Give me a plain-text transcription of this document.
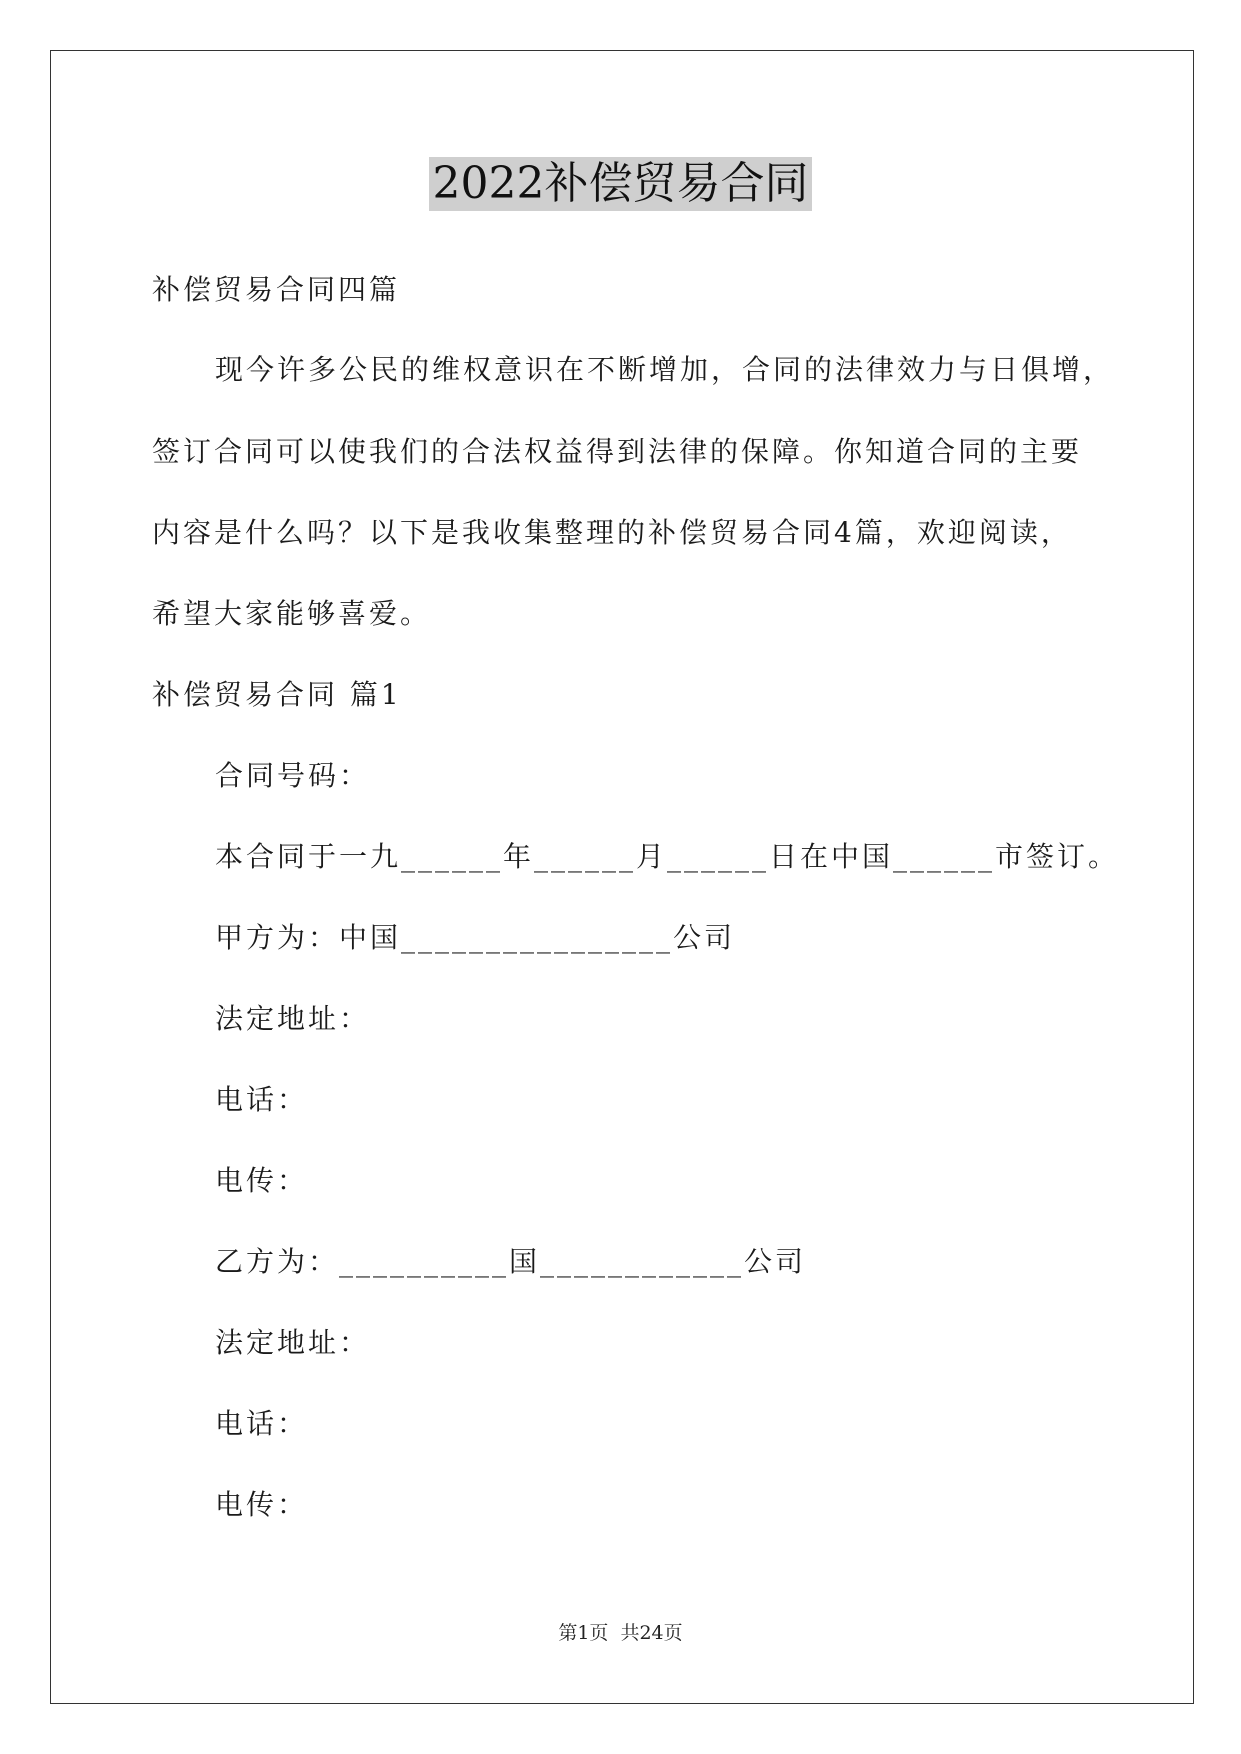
2022补偿贸易合同
补偿贸易合同四篇
现今许多公民的维权意识在不断增加，合同的法律效力与日俱增，
签订合同可以使我们的合法权益得到法律的保障。你知道合同的主要
内容是什么吗？以下是我收集整理的补偿贸易合同4篇，欢迎阅读，
希望大家能够喜爱。
补偿贸易合同 篇1
合同号码：
本合同于一九______年______月______日在中国______市签订。
甲方为：中国________________公司
法定地址：
电话：
电传：
乙方为：__________国____________公司
法定地址：
电话：
电传：
第1页 共24页
